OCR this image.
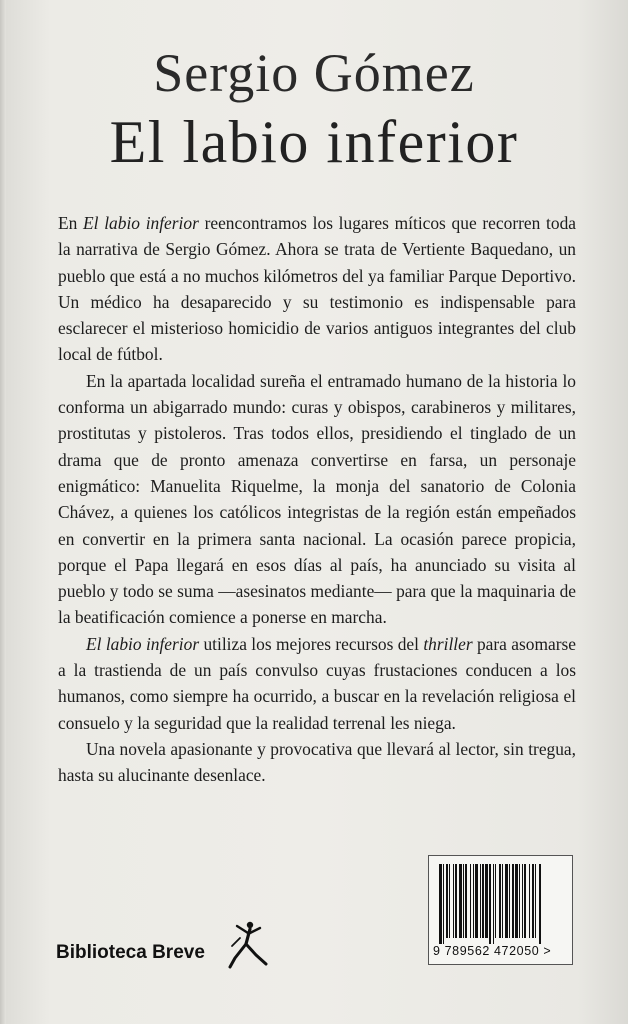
Sergio Gómez
El labio inferior

En El labio inferior reencontramos los lugares míticos que recorren toda la narrativa de Sergio Gómez. Ahora se trata de Vertiente Baquedano, un pueblo que está a no muchos kilómetros del ya familiar Parque Deportivo. Un médico ha desaparecido y su testimonio es indispensable para esclarecer el misterioso homicidio de varios antiguos integrantes del club local de fútbol.

En la apartada localidad sureña el entramado humano de la historia lo conforma un abigarrado mundo: curas y obispos, carabineros y militares, prostitutas y pistoleros. Tras todos ellos, presidiendo el tinglado de un drama que de pronto amenaza convertirse en farsa, un personaje enigmático: Manuelita Riquelme, la monja del sanatorio de Colonia Chávez, a quienes los católicos integristas de la región están empeñados en convertir en la primera santa nacional. La ocasión parece propicia, porque el Papa llegará en esos días al país, ha anunciado su visita al pueblo y todo se suma —asesinatos mediante— para que la maquinaria de la beatificación comience a ponerse en marcha.

El labio inferior utiliza los mejores recursos del thriller para asomarse a la trastienda de un país convulso cuyas frustaciones conducen a los humanos, como siempre ha ocurrido, a buscar en la revelación religiosa el consuelo y la seguridad que la realidad terrenal les niega.

Una novela apasionante y provocativa que llevará al lector, sin tregua, hasta su alucinante desenlace.

Biblioteca Breve	9 789562 472050 >
